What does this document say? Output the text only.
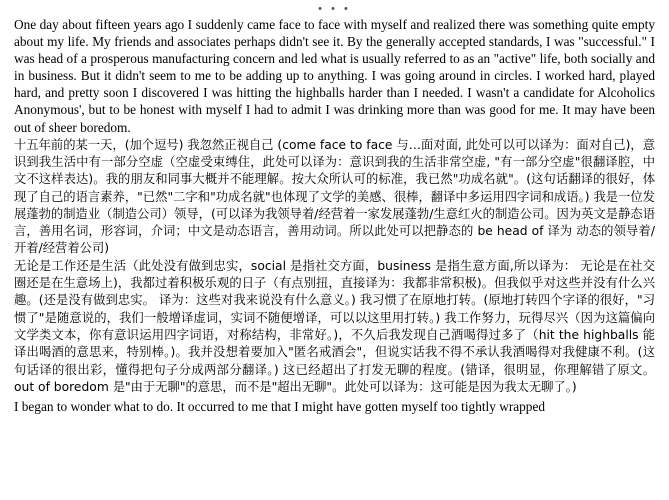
• • •

One day about fifteen years ago I suddenly came face to face with myself and realized there was something quite empty about my life. My friends and associates perhaps didn't see it. By the generally accepted standards, I was "successful." I was head of a prosperous manufacturing concern and led what is usually referred to as an "active" life, both socially and in business. But it didn't seem to me to be adding up to anything. I was going around in circles. I worked hard, played hard, and pretty soon I discovered I was hitting the highballs harder than I needed. I wasn't a candidate for Alcoholics Anonymous', but to be honest with myself I had to admit I was drinking more than was good for me. It may have been out of sheer boredom.

十五年前的某一天，(加个逗号) 我忽然正视自己 (come face to face 与…面对面, 此处可以可以译为：面对自己)，意识到我生活中有一部分空虚（空虚受束缚住，此处可以译为：意识到我的生活非常空虚, "有一部分空虚"很翻译腔，中文不这样表达)。我的朋友和同事大概并不能理解。按大众所认可的标准，我已然"功成名就"。(这句话翻译的很好，体现了自己的语言素养，"已然"二字和"功成名就"也体现了文学的美感、很棒，翻译中多运用四字词和成语。) 我是一位发展蓬勃的制造业（制造公司）领导，(可以译为我领导着/经营着一家发展蓬勃/生意红火的制造公司。因为英文是静态语言，善用名词，形容词，介词；中文是动态语言，善用动词。所以此处可以把静态的 be head of 译为 动态的领导着/开着/经营着公司)

无论是工作还是生活（此处没有做到忠实，social 是指社交方面，business 是指生意方面,所以译为： 无论是在社交圈还是在生意场上)，我都过着积极乐观的日子（有点别扭，直接译为：我都非常积极)。但我似乎对这些并没有什么兴趣。(还是没有做到忠实。 译为：这些对我来说没有什么意义。) 我习惯了在原地打转。(原地打转四个字译的很好，"习惯了"是随意说的，我们一般增译虚词，实词不随便增译，可以以这里用打转。) 我工作努力，玩得尽兴（因为这篇偏向文学类文本，你有意识运用四字词语，对称结构，非常好。)，不久后我发现自己酒喝得过多了（hit the highballs 能译出喝酒的意思来，特别棒。)。我并没想着要加入"匿名戒酒会"，但说实话我不得不承认我酒喝得对我健康不利。(这句话译的很出彩，懂得把句子分成两部分翻译。) 这已经超出了打发无聊的程度。(错译，很明显，你理解错了原文。out of boredom 是"由于无聊"的意思，而不是"超出无聊"。此处可以译为：这可能是因为我太无聊了。)

I began to wonder what to do. It occurred to me that I might have gotten myself too tightly wrapped
